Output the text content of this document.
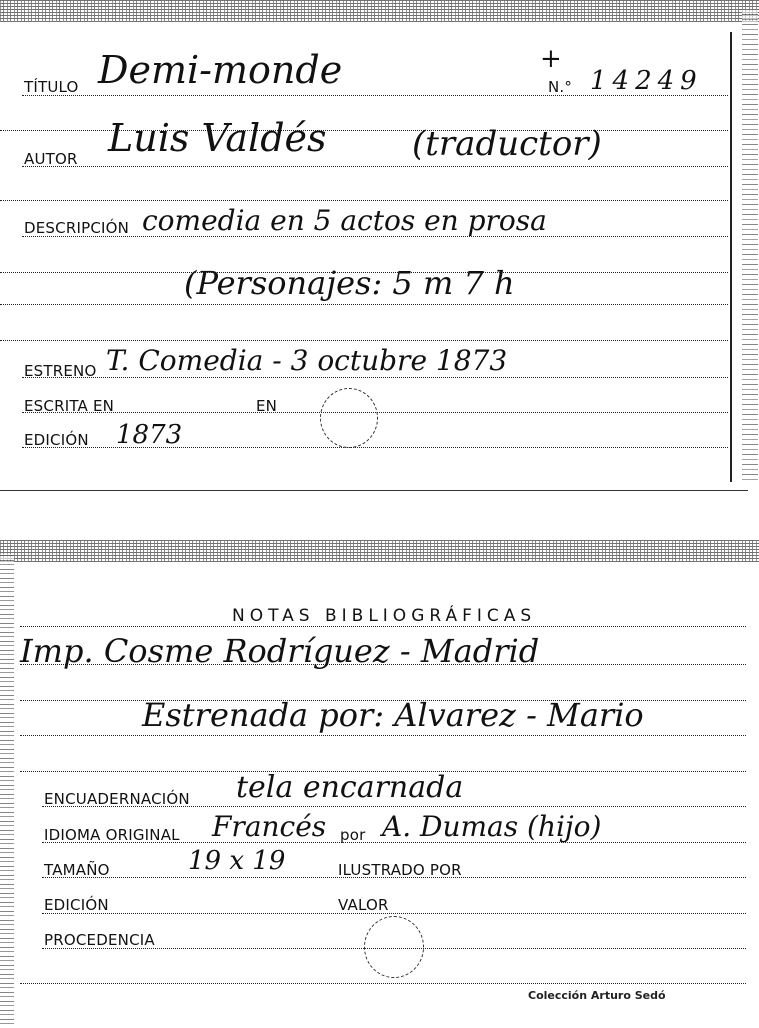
TÍTULO Demi-monde	+
N.° 14249
AUTOR Luis Valdés	(traductor)
DESCRIPCIÓN comedia en 5 actos en prosa
(Personajes: 5 m 7 h
ESTRENO T. Comedia - 3 octubre 1873
ESCRITA EN	EN
EDICIÓN 1873
NOTAS BIBLIOGRÁFICAS
Imp. Cosme Rodríguez - Madrid
Estrenada por: Alvarez - Mario
ENCUADERNACIÓN tela encarnada
IDIOMA ORIGINAL Francés por A. Dumas (hijo)
TAMAÑO	19 x 19	ILUSTRADO POR
EDICIÓN	VALOR
PROCEDENCIA
Colección Arturo Sedó
